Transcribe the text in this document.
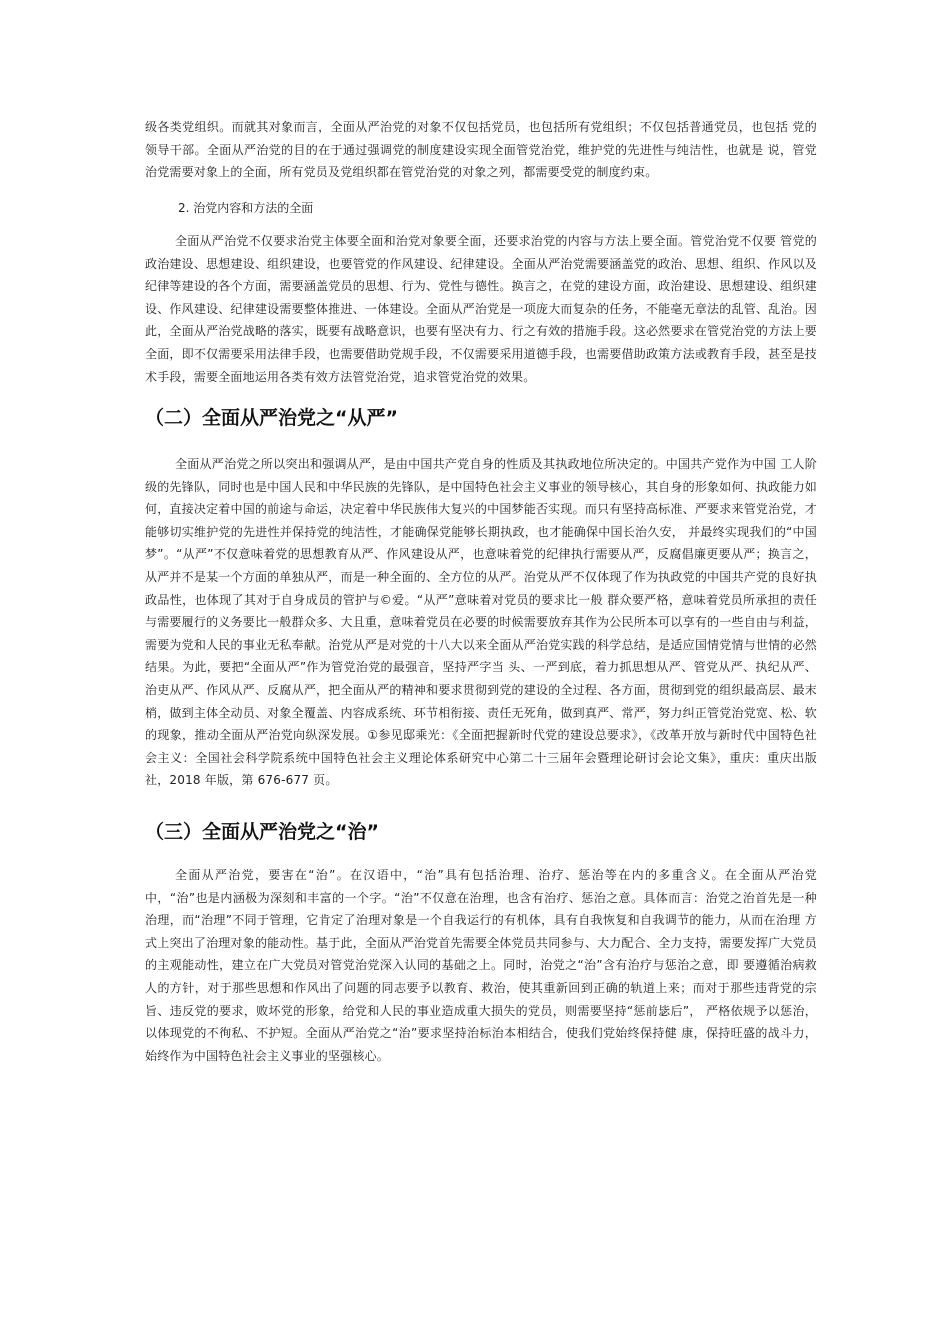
级各类党组织。而就其对象而言，全面从严治党的对象不仅包括党员，也包括所有党组织；不仅包括普通党员，也包括 党的领导干部。全面从严治党的目的在于通过强调党的制度建设实现全面管党治党，维护党的先进性与纯洁性，也就是 说，管党治党需要对象上的全面，所有党员及党组织都在管党治党的对象之列，都需要受党的制度约束。

2. 治党内容和方法的全面

全面从严治党不仅要求治党主体要全面和治党对象要全面，还要求治党的内容与方法上要全面。管党治党不仅要 管党的政治建设、思想建设、组织建设，也要管党的作风建设、纪律建设。全面从严治党需要涵盖党的政治、思想、组织、作风以及纪律等建设的各个方面，需要涵盖党员的思想、行为、党性与德性。换言之，在党的建设方面，政治建设、思想建设、组织建设、作风建设、纪律建设需要整体推进、一体建设。全面从严治党是一项庞大而复杂的任务，不能毫无章法的乱管、乱治。因此，全面从严治党战略的落实，既要有战略意识，也要有坚决有力、行之有效的措施手段。这必然要求在管党治党的方法上要全面，即不仅需要采用法律手段，也需要借助党规手段，不仅需要采用道德手段，也需要借助政策方法或教育手段，甚至是技术手段，需要全面地运用各类有效方法管党治党，追求管党治党的效果。

（二）全面从严治党之“从严”

全面从严治党之所以突出和强调从严，是由中国共产党自身的性质及其执政地位所决定的。中国共产党作为中国 工人阶级的先锋队，同时也是中国人民和中华民族的先锋队，是中国特色社会主义事业的领导核心，其自身的形象如何、执政能力如何，直接决定着中国的前途与命运，决定着中华民族伟大复兴的中国梦能否实现。而只有坚持高标准、严要求来管党治党，才能够切实维护党的先进性并保持党的纯洁性，才能确保党能够长期执政，也才能确保中国长治久安， 并最终实现我们的“中国梦”。“从严”不仅意味着党的思想教育从严、作风建设从严，也意味着党的纪律执行需要从严，反腐倡廉更要从严；换言之，从严并不是某一个方面的单独从严，而是一种全面的、全方位的从严。治党从严不仅体现了作为执政党的中国共产党的良好执政品性，也体现了其对于自身成员的管护与©爱。“从严”意味着对党员的要求比一般 群众要严格，意味着党员所承担的责任与需要履行的义务要比一般群众多、大且重，意味着党员在必要的时候需要放弃其作为公民所本可以享有的一些自由与利益，需要为党和人民的事业无私奉献。治党从严是对党的十八大以来全面从严治党实践的科学总结，是适应国情党情与世情的必然结果。为此，要把“全面从严”作为管党治党的最强音，坚持严字当 头、一严到底，着力抓思想从严、管党从严、执纪从严、治吏从严、作风从严、反腐从严，把全面从严的精神和要求贯彻到党的建设的全过程、各方面，贯彻到党的组织最高层、最末梢，做到主体全动员、对象全覆盖、内容成系统、环节相衔接、责任无死角，做到真严、常严，努力纠正管党治党宽、松、软的现象，推动全面从严治党向纵深发展。①参见邸乘光：《全面把握新时代党的建设总要求》，《改革开放与新时代中国特色社会主义：全国社会科学院系统中国特色社会主义理论体系研究中心第二十三届年会暨理论研讨会论文集》，重庆：重庆出版社，2018 年版，第 676-677 页。

（三）全面从严治党之“治”

全面从严治党，要害在“治”。在汉语中，“治”具有包括治理、治疗、惩治等在内的多重含义。在全面从严治党中，“治”也是内涵极为深刻和丰富的一个字。“治”不仅意在治理，也含有治疗、惩治之意。具体而言：治党之治首先是一种治理，而“治理”不同于管理，它肯定了治理对象是一个自我运行的有机体，具有自我恢复和自我调节的能力，从而在治理 方式上突出了治理对象的能动性。基于此，全面从严治党首先需要全体党员共同参与、大力配合、全力支持，需要发挥广大党员的主观能动性，建立在广大党员对管党治党深入认同的基础之上。同时，治党之“治”含有治疗与惩治之意，即 要遵循治病救人的方针，对于那些思想和作风出了问题的同志要予以教育、救治，使其重新回到正确的轨道上来；而对于那些违背党的宗旨、违反党的要求，败坏党的形象，给党和人民的事业造成重大损失的党员，则需要坚持“惩前毖后”， 严格依规予以惩治，以体现党的不徇私、不护短。全面从严治党之“治”要求坚持治标治本相结合，使我们党始终保持健 康，保持旺盛的战斗力，始终作为中国特色社会主义事业的坚强核心。
